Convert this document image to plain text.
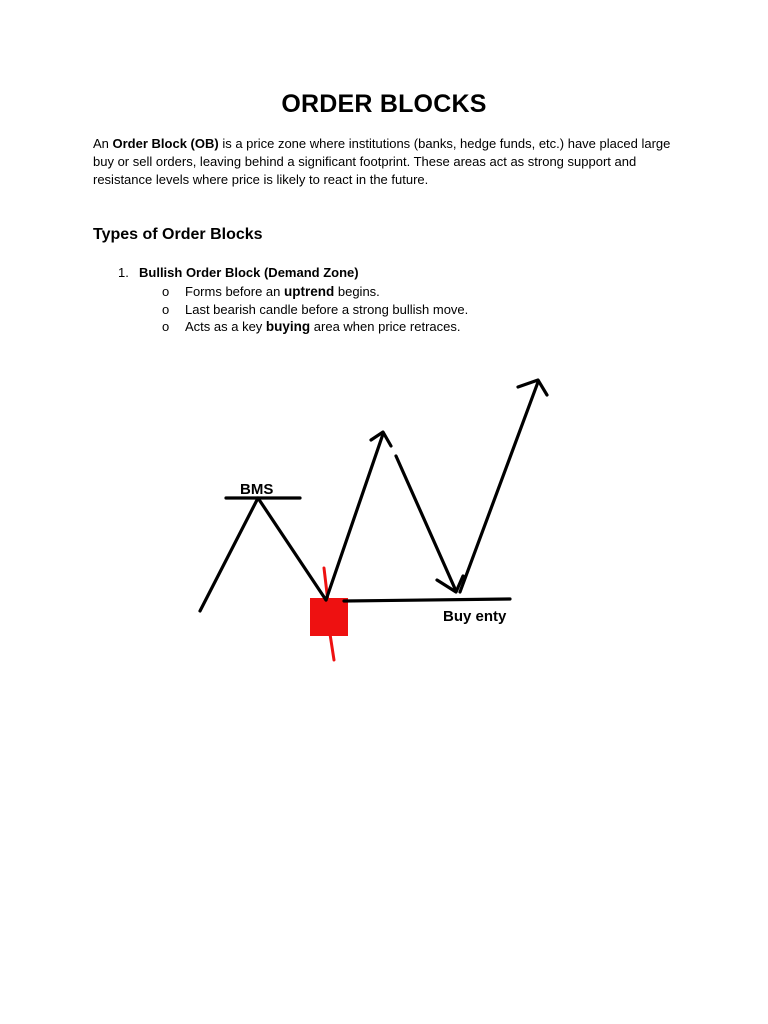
ORDER BLOCKS
An Order Block (OB) is a price zone where institutions (banks, hedge funds, etc.) have placed large buy or sell orders, leaving behind a significant footprint. These areas act as strong support and resistance levels where price is likely to react in the future.
Types of Order Blocks
1. Bullish Order Block (Demand Zone)
o Forms before an uptrend begins.
o Last bearish candle before a strong bullish move.
o Acts as a key buying area when price retraces.
BMS
Buy enty
